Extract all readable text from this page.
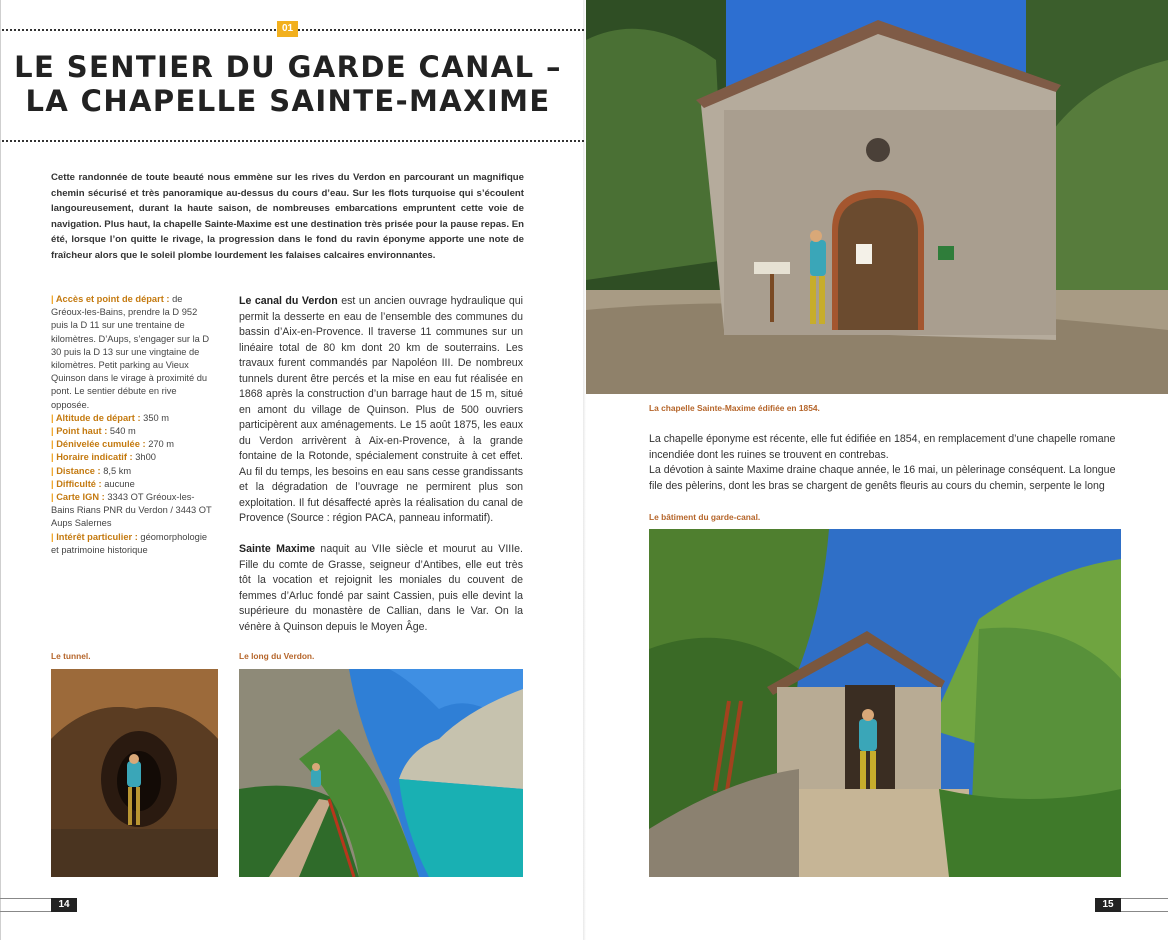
01
LE SENTIER DU GARDE CANAL –
LA CHAPELLE SAINTE-MAXIME
Cette randonnée de toute beauté nous emmène sur les rives du Verdon en parcourant un magnifique chemin sécurisé et très panoramique au-dessus du cours d’eau. Sur les flots turquoise qui s’écoulent langoureusement, durant la haute saison, de nombreuses embarcations empruntent cette voie de navigation. Plus haut, la chapelle Sainte-Maxime est une destination très prisée pour la pause repas. En été, lorsque l’on quitte le rivage, la progression dans le fond du ravin éponyme apporte une note de fraîcheur alors que le soleil plombe lourdement les falaises calcaires environnantes.
| Accès et point de départ : de Gréoux-les-Bains, prendre la D 952 puis la D 11 sur une trentaine de kilomètres. D’Aups, s’engager sur la D 30 puis la D 13 sur une vingtaine de kilomètres. Petit parking au Vieux Quinson dans le virage à proximité du pont. Le sentier débute en rive opposée.
| Altitude de départ : 350 m
| Point haut : 540 m
| Dénivelée cumulée : 270 m
| Horaire indicatif : 3h00
| Distance : 8,5 km
| Difficulté : aucune
| Carte IGN : 3343 OT Gréoux-les-Bains Rians PNR du Verdon / 3443 OT Aups Salernes
| Intérêt particulier : géomorphologie et patrimoine historique
Le canal du Verdon est un ancien ouvrage hydraulique qui permit la desserte en eau de l’ensemble des communes du bassin d’Aix-en-Provence. Il traverse 11 communes sur un linéaire total de 80 km dont 20 km de souterrains. Les travaux furent commandés par Napoléon III. De nombreux tunnels durent être percés et la mise en eau fut réalisée en 1868 après la construction d’un barrage haut de 15 m, situé en amont du village de Quinson. Plus de 500 ouvriers participèrent aux aménagements. Le 15 août 1875, les eaux du Verdon arrivèrent à Aix-en-Provence, à la grande fontaine de la Rotonde, spécialement construite à cet effet. Au fil du temps, les besoins en eau sans cesse grandissants et la dégradation de l’ouvrage ne permirent plus son exploitation. Il fut désaffecté après la réalisation du canal de Provence (Source : région PACA, panneau informatif).
Sainte Maxime naquit au VIIe siècle et mourut au VIIIe. Fille du comte de Grasse, seigneur d’Antibes, elle eut très tôt la vocation et rejoignit les moniales du couvent de femmes d’Arluc fondé par saint Cassien, puis elle devint la supérieure du monastère de Callian, dans le Var. On la vénère à Quinson depuis le Moyen Âge.
Le tunnel.	Le long du Verdon.
14
La chapelle Sainte-Maxime édifiée en 1854.
La chapelle éponyme est récente, elle fut édifiée en 1854, en remplacement d’une chapelle romane incendiée dont les ruines se trouvent en contrebas.
La dévotion à sainte Maxime draine chaque année, le 16 mai, un pèlerinage conséquent. La longue file des pèlerins, dont les bras se chargent de genêts fleuris au cours du chemin, serpente le long
Le bâtiment du garde-canal.
15
